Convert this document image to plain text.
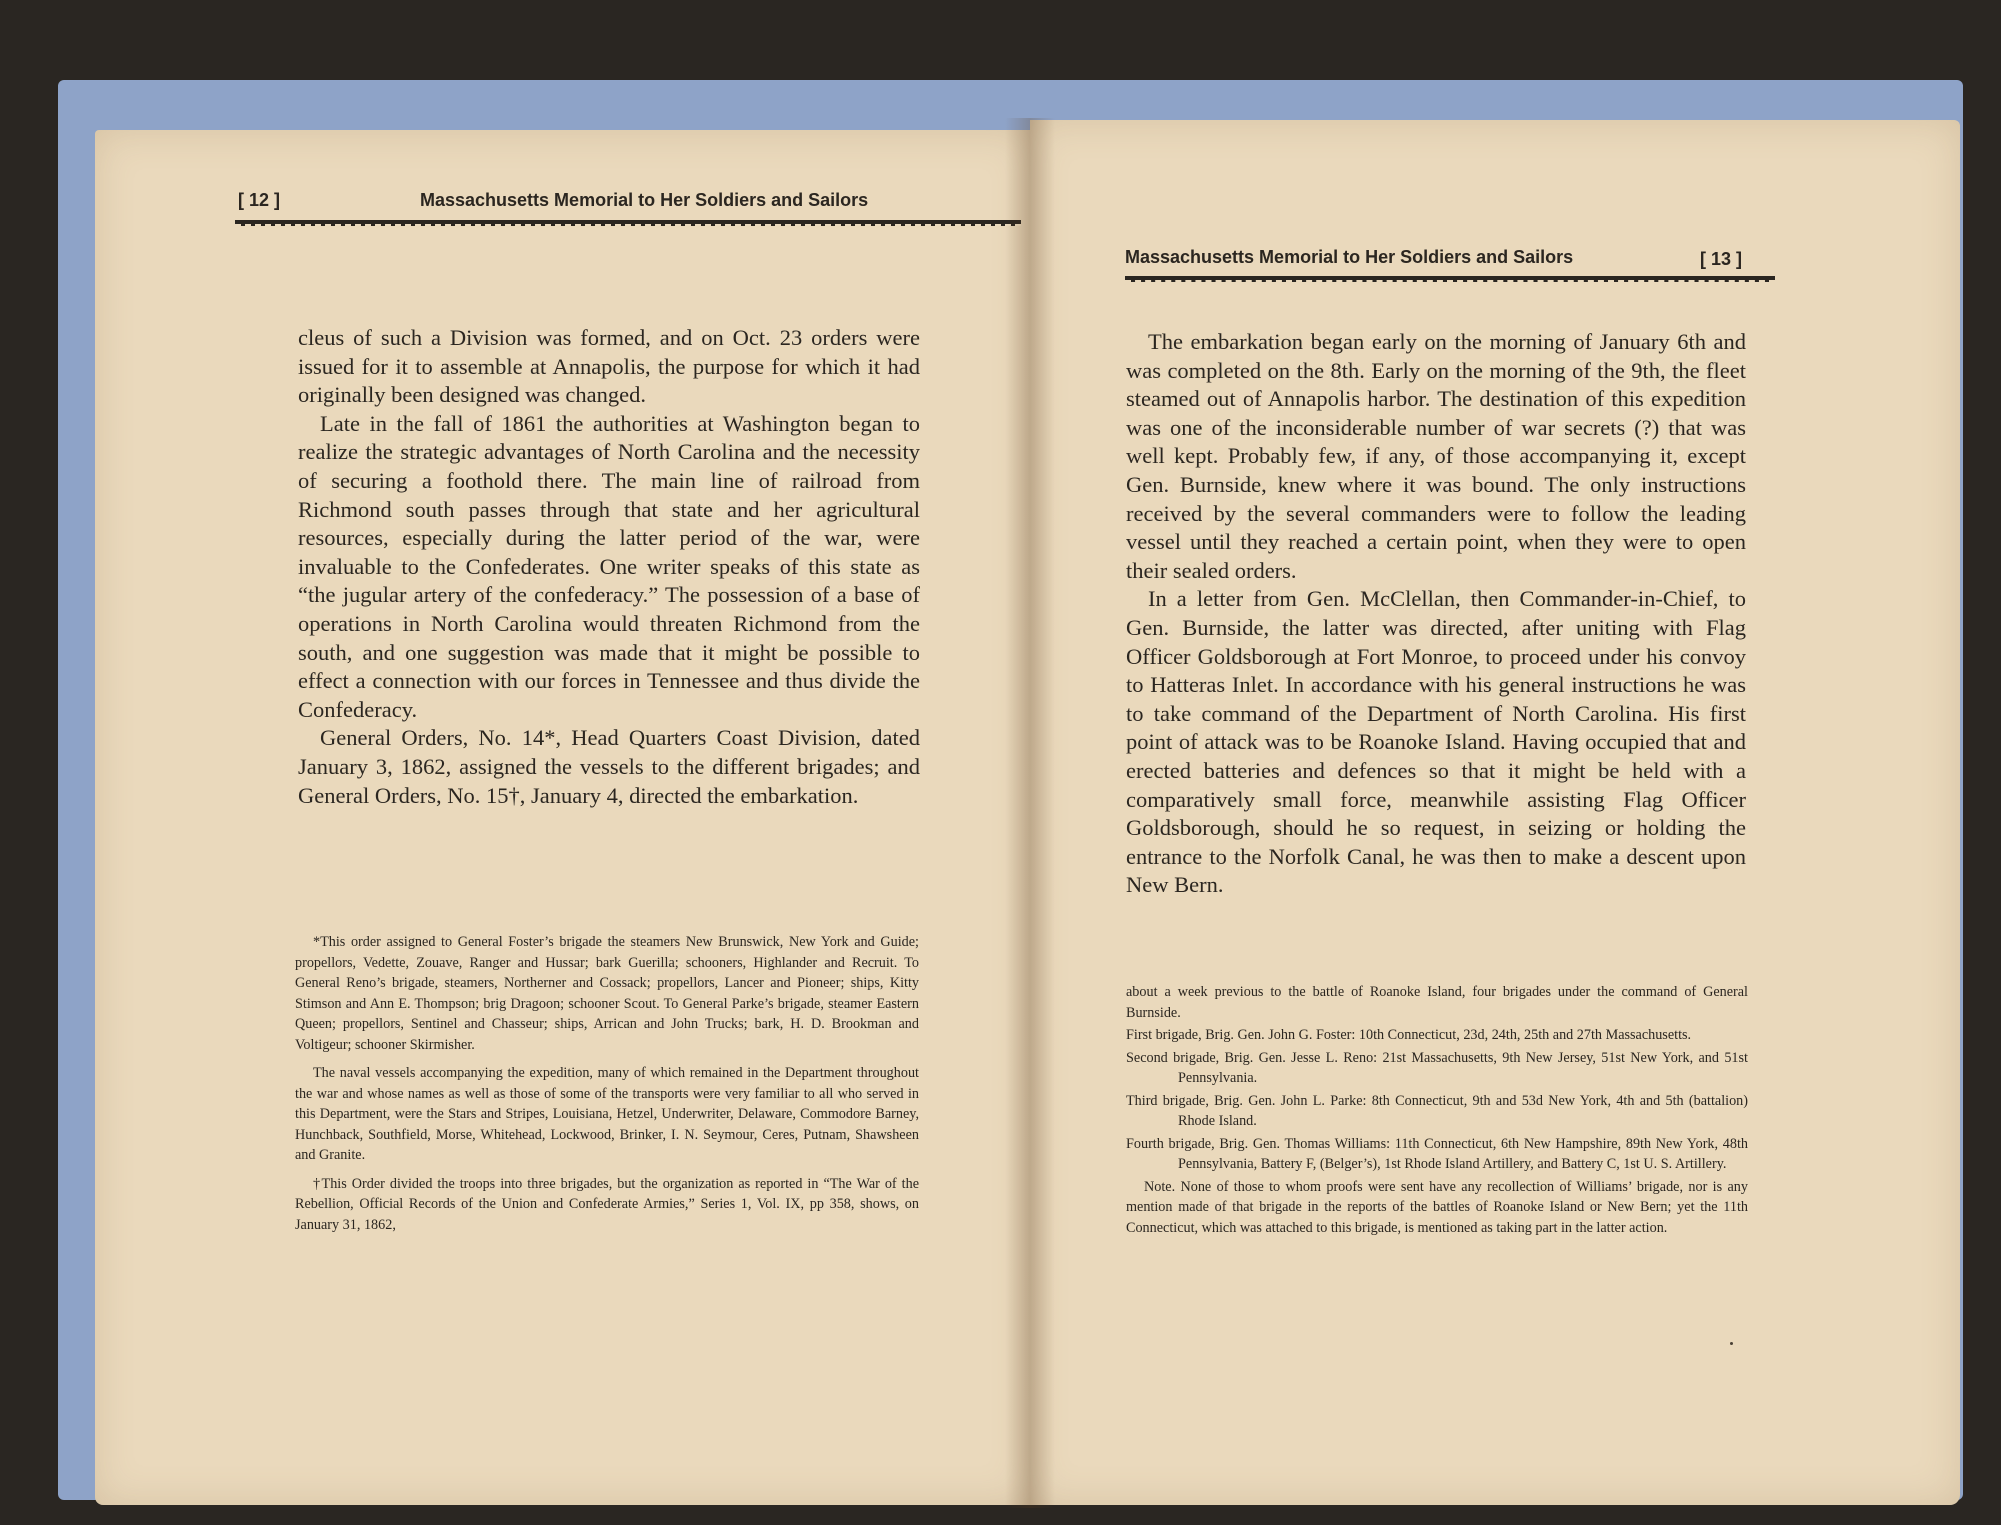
[ 12 ]	Massachusetts Memorial to Her Soldiers and Sailors

cleus of such a Division was formed, and on Oct. 23 orders were issued for it to assemble at Annapolis, the purpose for which it had originally been designed was changed.

Late in the fall of 1861 the authorities at Washington began to realize the strategic advantages of North Carolina and the necessity of securing a foothold there. The main line of railroad from Richmond south passes through that state and her agricultural resources, especially during the latter period of the war, were invaluable to the Confederates. One writer speaks of this state as “the jugular artery of the confederacy.” The possession of a base of operations in North Carolina would threaten Richmond from the south, and one suggestion was made that it might be possible to effect a connection with our forces in Tennessee and thus divide the Confederacy.

General Orders, No. 14*, Head Quarters Coast Division, dated January 3, 1862, assigned the vessels to the different brigades; and General Orders, No. 15†, January 4, directed the embarkation.

*This order assigned to General Foster’s brigade the steamers New Brunswick, New York and Guide; propellors, Vedette, Zouave, Ranger and Hussar; bark Guerilla; schooners, Highlander and Recruit. To General Reno’s brigade, steamers, Northerner and Cossack; propellors, Lancer and Pioneer; ships, Kitty Stimson and Ann E. Thompson; brig Dragoon; schooner Scout. To General Parke’s brigade, steamer Eastern Queen; propellors, Sentinel and Chasseur; ships, Arrican and John Trucks; bark, H. D. Brookman and Voltigeur; schooner Skirmisher.

The naval vessels accompanying the expedition, many of which remained in the Department throughout the war and whose names as well as those of some of the transports were very familiar to all who served in this Department, were the Stars and Stripes, Louisiana, Hetzel, Underwriter, Delaware, Commodore Barney, Hunchback, Southfield, Morse, Whitehead, Lockwood, Brinker, I. N. Seymour, Ceres, Putnam, Shawsheen and Granite.

†This Order divided the troops into three brigades, but the organization as reported in “The War of the Rebellion, Official Records of the Union and Confederate Armies,” Series 1, Vol. IX, pp 358, shows, on January 31, 1862,

Massachusetts Memorial to Her Soldiers and Sailors	[ 13 ]

The embarkation began early on the morning of January 6th and was completed on the 8th. Early on the morning of the 9th, the fleet steamed out of Annapolis harbor. The destination of this expedition was one of the inconsiderable number of war secrets (?) that was well kept. Probably few, if any, of those accompanying it, except Gen. Burnside, knew where it was bound. The only instructions received by the several commanders were to follow the leading vessel until they reached a certain point, when they were to open their sealed orders.

In a letter from Gen. McClellan, then Commander-in-Chief, to Gen. Burnside, the latter was directed, after uniting with Flag Officer Goldsborough at Fort Monroe, to proceed under his convoy to Hatteras Inlet. In accordance with his general instructions he was to take command of the Department of North Carolina. His first point of attack was to be Roanoke Island. Having occupied that and erected batteries and defences so that it might be held with a comparatively small force, meanwhile assisting Flag Officer Goldsborough, should he so request, in seizing or holding the entrance to the Norfolk Canal, he was then to make a descent upon New Bern.

about a week previous to the battle of Roanoke Island, four brigades under the command of General Burnside.

First brigade, Brig. Gen. John G. Foster: 10th Connecticut, 23d, 24th, 25th and 27th Massachusetts.

Second brigade, Brig. Gen. Jesse L. Reno: 21st Massachusetts, 9th New Jersey, 51st New York, and 51st Pennsylvania.

Third brigade, Brig. Gen. John L. Parke: 8th Connecticut, 9th and 53d New York, 4th and 5th (battalion) Rhode Island.

Fourth brigade, Brig. Gen. Thomas Williams: 11th Connecticut, 6th New Hampshire, 89th New York, 48th Pennsylvania, Battery F, (Belger’s), 1st Rhode Island Artillery, and Battery C, 1st U. S. Artillery.

Note. None of those to whom proofs were sent have any recollection of Williams’ brigade, nor is any mention made of that brigade in the reports of the battles of Roanoke Island or New Bern; yet the 11th Connecticut, which was attached to this brigade, is mentioned as taking part in the latter action.
